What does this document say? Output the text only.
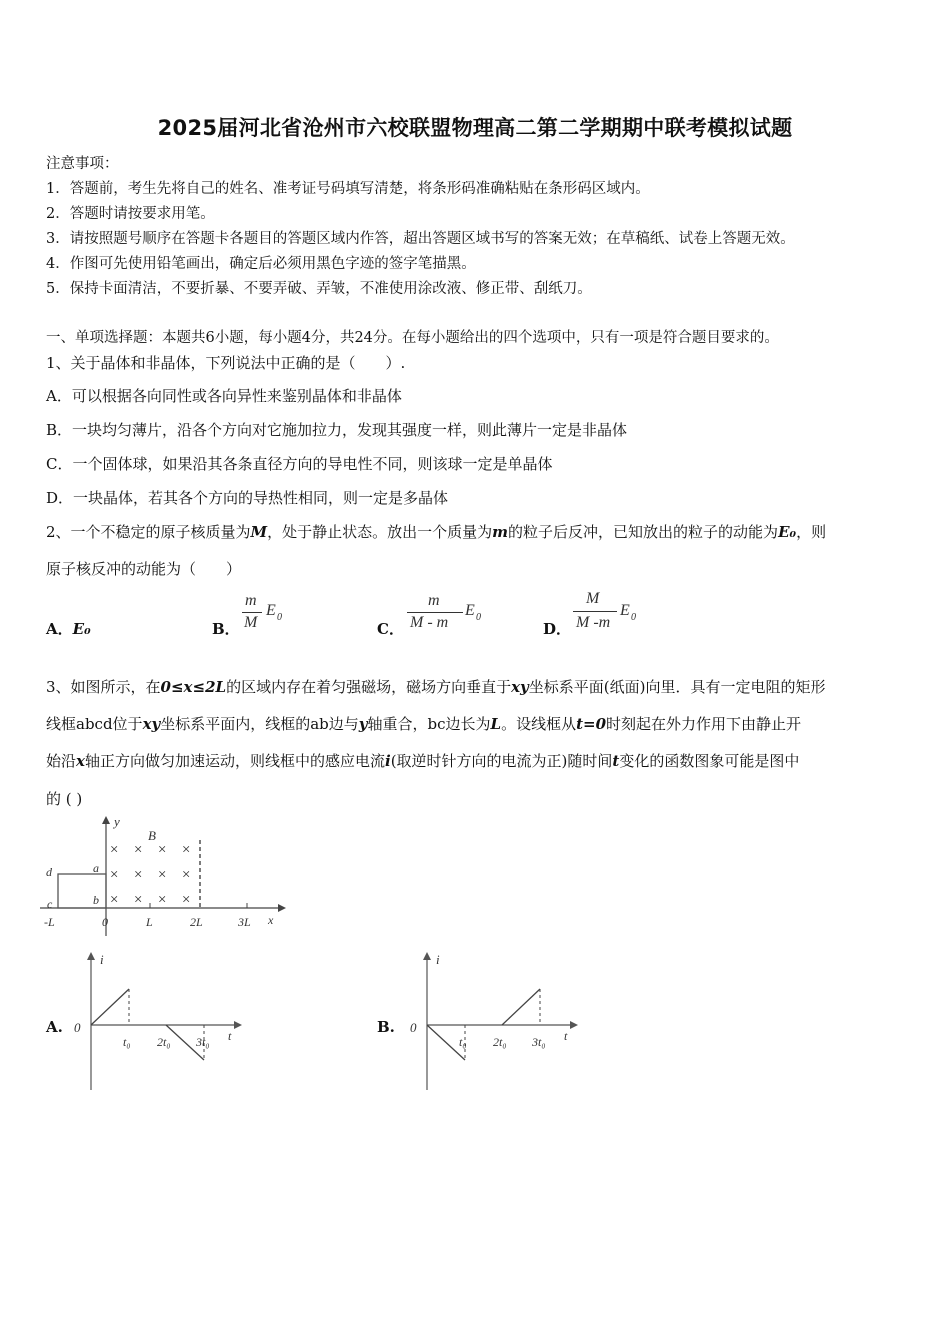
2025届河北省沧州市六校联盟物理高二第二学期期中联考模拟试题
注意事项：
1．答题前，考生先将自己的姓名、准考证号码填写清楚，将条形码准确粘贴在条形码区域内。
2．答题时请按要求用笔。
3．请按照题号顺序在答题卡各题目的答题区域内作答，超出答题区域书写的答案无效；在草稿纸、试卷上答题无效。
4．作图可先使用铅笔画出，确定后必须用黑色字迹的签字笔描黑。
5．保持卡面清洁，不要折暴、不要弄破、弄皱，不准使用涂改液、修正带、刮纸刀。
一、单项选择题：本题共6小题，每小题4分，共24分。在每小题给出的四个选项中，只有一项是符合题目要求的。
1、关于晶体和非晶体，下列说法中正确的是（　　）.
A．可以根据各向同性或各向异性来鉴别晶体和非晶体
B．一块均匀薄片，沿各个方向对它施加拉力，发现其强度一样，则此薄片一定是非晶体
C．一个固体球，如果沿其各条直径方向的导电性不同，则该球一定是单晶体
D．一块晶体，若其各个方向的导热性相同，则一定是多晶体
2、一个不稳定的原子核质量为M，处于静止状态。放出一个质量为m的粒子后反冲，已知放出的粒子的动能为E₀，则
原子核反冲的动能为（　　）
A．E₀	B．
m
M
E 0
C．
m
M - m
E 0
D．
M
M -m
E 0
3、如图所示，在0≤x≤2L的区域内存在着匀强磁场，磁场方向垂直于xy坐标系平面(纸面)向里．具有一定电阻的矩形
线框abcd位于xy坐标系平面内，线框的ab边与y轴重合，bc边长为L。设线框从t=0时刻起在外力作用下由静止开
始沿x轴正方向做匀加速运动，则线框中的感应电流i(取逆时针方向的电流为正)随时间t变化的函数图象可能是图中
的 ( )
y
B
d	a
c	b
× × × ×
× × × ×
× × × ×
-L	0	L	2L	3L x
A.
i
0
t₀ 2t₀ 3t₀ t	B.
i
0
t₀ 2t₀ 3t₀ t
